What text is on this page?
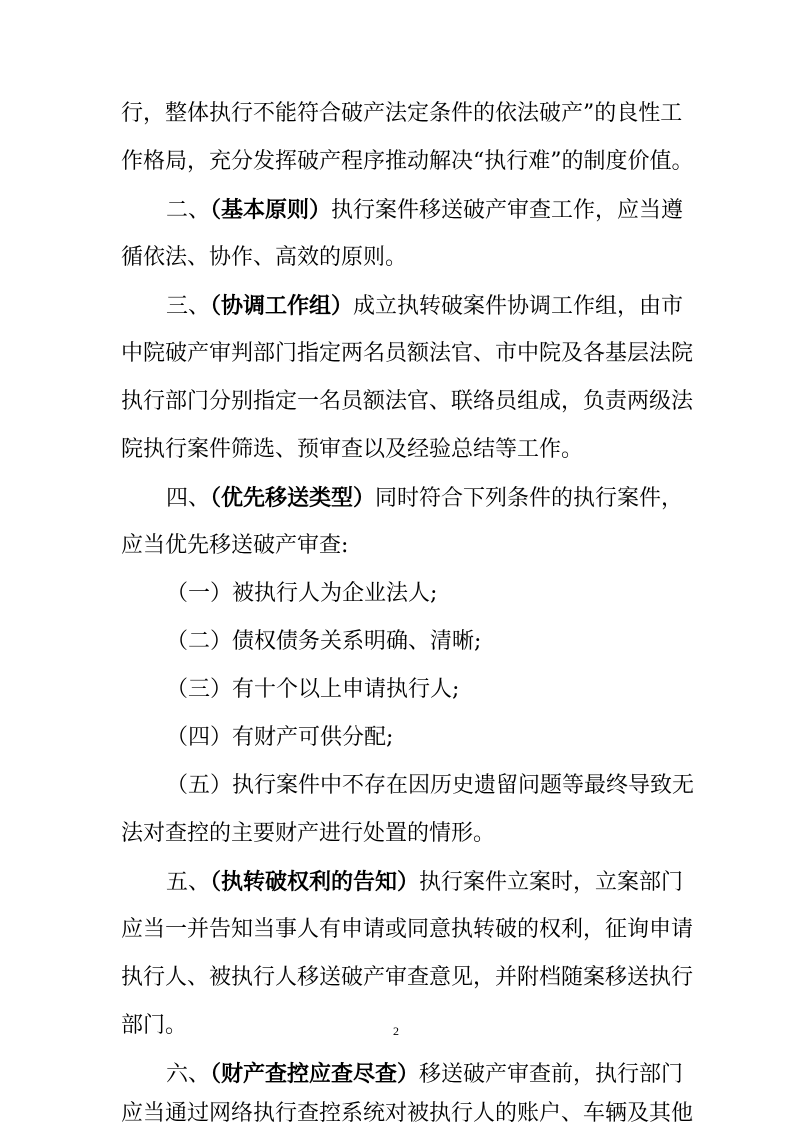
行，整体执行不能符合破产法定条件的依法破产”的良性工
作格局，充分发挥破产程序推动解决“执行难”的制度价值。
二、（基本原则）执行案件移送破产审查工作，应当遵
循依法、协作、高效的原则。
三、（协调工作组）成立执转破案件协调工作组，由市
中院破产审判部门指定两名员额法官、市中院及各基层法院
执行部门分别指定一名员额法官、联络员组成，负责两级法
院执行案件筛选、预审查以及经验总结等工作。
四、（优先移送类型）同时符合下列条件的执行案件，
应当优先移送破产审查:
（一）被执行人为企业法人;
（二）债权债务关系明确、清晰;
（三）有十个以上申请执行人;
（四）有财产可供分配;
（五）执行案件中不存在因历史遗留问题等最终导致无
法对查控的主要财产进行处置的情形。
五、（执转破权利的告知）执行案件立案时，立案部门
应当一并告知当事人有申请或同意执转破的权利，征询申请
执行人、被执行人移送破产审查意见，并附档随案移送执行
部门。
六、（财产查控应查尽查）移送破产审查前，执行部门
应当通过网络执行查控系统对被执行人的账户、车辆及其他
2
